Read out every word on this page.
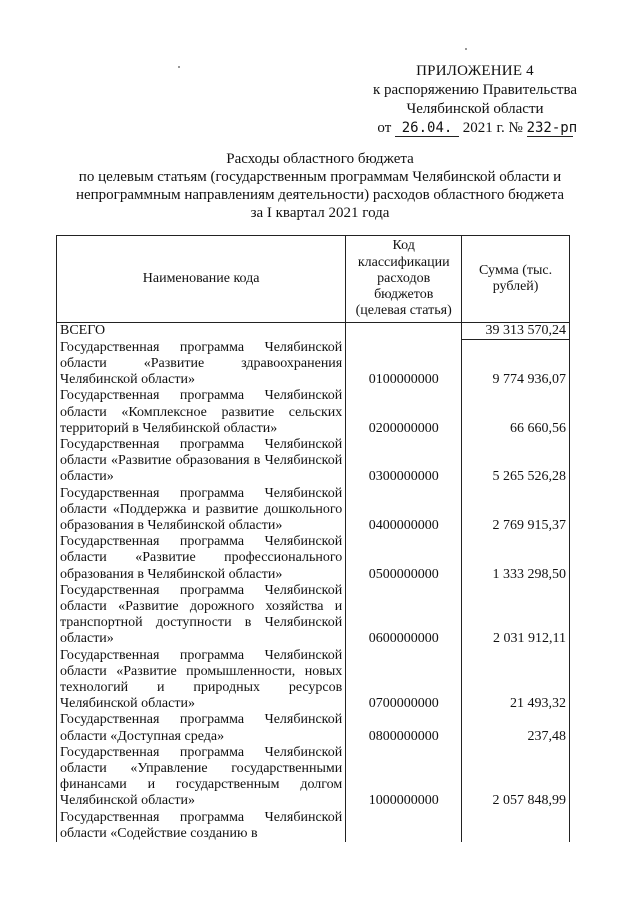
ПРИЛОЖЕНИЕ 4
к распоряжению Правительства
Челябинской области
от 26.04. 2021 г. № 232-рп
Расходы областного бюджета
по целевым статьям (государственным программам Челябинской области и
непрограммным направлениям деятельности) расходов областного бюджета
за I квартал 2021 года
Наименование кода	Код классификации расходов бюджетов (целевая статья)	Сумма (тыс. рублей)
ВСЕГО		39 313 570,24
Государственная программа Челябинской области «Развитие здравоохранения Челябинской области»	0100000000	9 774 936,07
Государственная программа Челябинской области «Комплексное развитие сельских территорий в Челябинской области»	0200000000	66 660,56
Государственная программа Челябинской области «Развитие образования в Челябинской области»	0300000000	5 265 526,28
Государственная программа Челябинской области «Поддержка и развитие дошкольного образования в Челябинской области»	0400000000	2 769 915,37
Государственная программа Челябинской области «Развитие профессионального образования в Челябинской области»	0500000000	1 333 298,50
Государственная программа Челябинской области «Развитие дорожного хозяйства и транспортной доступности в Челябинской области»	0600000000	2 031 912,11
Государственная программа Челябинской области «Развитие промышленности, новых технологий и природных ресурсов Челябинской области»	0700000000	21 493,32
Государственная программа Челябинской области «Доступная среда»	0800000000	237,48
Государственная программа Челябинской области «Управление государственными финансами и государственным долгом Челябинской области»	1000000000	2 057 848,99
Государственная программа Челябинской области «Содействие созданию в		
